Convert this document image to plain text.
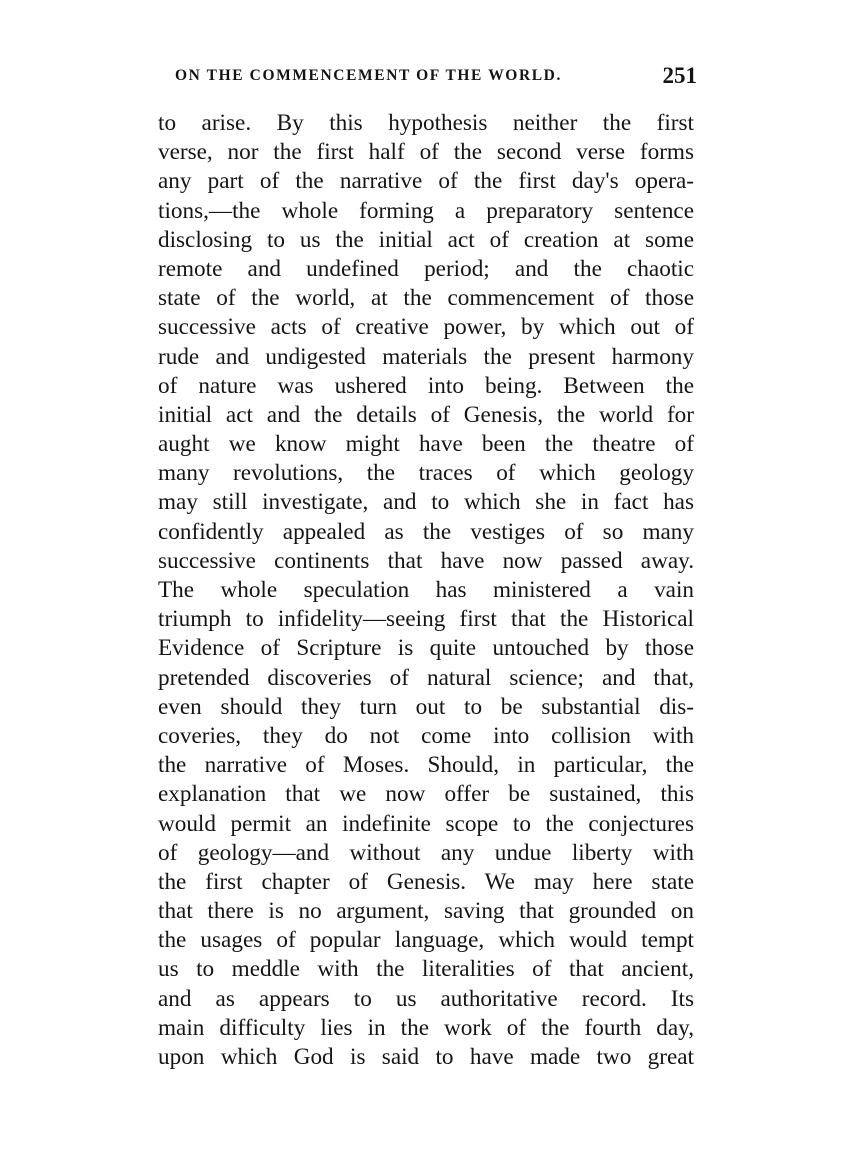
ON THE COMMENCEMENT OF THE WORLD.	251
to arise. By this hypothesis neither the first
verse, nor the first half of the second verse forms
any part of the narrative of the first day's opera-
tions,—the whole forming a preparatory sentence
disclosing to us the initial act of creation at some
remote and undefined period; and the chaotic
state of the world, at the commencement of those
successive acts of creative power, by which out of
rude and undigested materials the present harmony
of nature was ushered into being. Between the
initial act and the details of Genesis, the world for
aught we know might have been the theatre of
many revolutions, the traces of which geology
may still investigate, and to which she in fact has
confidently appealed as the vestiges of so many
successive continents that have now passed away.
The whole speculation has ministered a vain
triumph to infidelity—seeing first that the Historical
Evidence of Scripture is quite untouched by those
pretended discoveries of natural science; and that,
even should they turn out to be substantial dis-
coveries, they do not come into collision with
the narrative of Moses. Should, in particular, the
explanation that we now offer be sustained, this
would permit an indefinite scope to the conjectures
of geology—and without any undue liberty with
the first chapter of Genesis. We may here state
that there is no argument, saving that grounded on
the usages of popular language, which would tempt
us to meddle with the literalities of that ancient,
and as appears to us authoritative record. Its
main difficulty lies in the work of the fourth day,
upon which God is said to have made two great
